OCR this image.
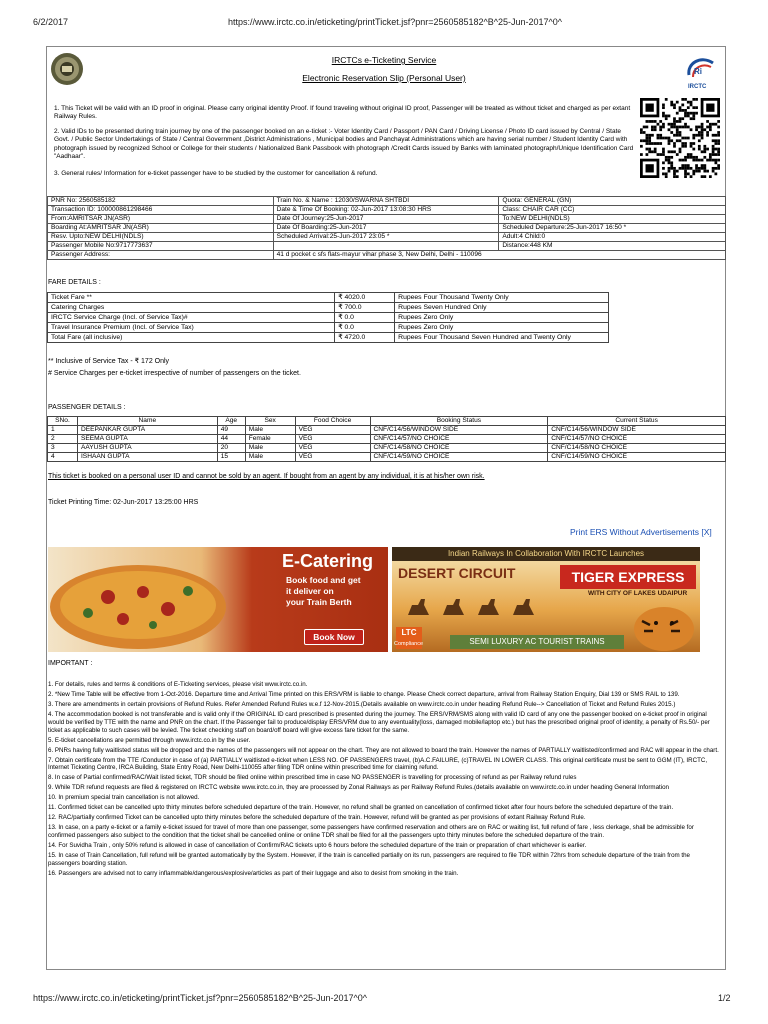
6/2/2017	https://www.irctc.co.in/eticketing/printTicket.jsf?pnr=2560585182^B^25-Jun-2017^0^
IRCTCs e-Ticketing Service
Electronic Reservation Slip (Personal User)
Ri
IRCTC
1. This Ticket will be valid with an ID proof in original. Please carry original identity Proof. If found traveling without original ID proof, Passenger will be treated as without ticket and charged as per extant Railway Rules.
2. Valid IDs to be presented during train journey by one of the passenger booked on an e-ticket :- Voter Identity Card / Passport / PAN Card / Driving License / Photo ID card issued by Central / State Govt. / Public Sector Undertakings of State / Central Government ,District Administrations , Municipal bodies and Panchayat Administrations which are having serial number / Student Identity Card with photograph issued by recognized School or College for their students / Nationalized Bank Passbook with photograph /Credit Cards issued by Banks with laminated photograph/Unique Identification Card "Aadhaar".
3. General rules/ Information for e-ticket passenger have to be studied by the customer for cancellation & refund.
PNR No: 2560585182	Train No. & Name : 12030/SWARNA SHTBDI	Quota: GENERAL (GN)
Transaction ID: 100000861298466	Date & Time Of Booking: 02-Jun-2017 13:08:30 HRS	Class: CHAIR CAR (CC)
From:AMRITSAR JN(ASR)	Date Of Journey:25-Jun-2017	To:NEW DELHI(NDLS)
Boarding At:AMRITSAR JN(ASR)	Date Of Boarding:25-Jun-2017	Scheduled Departure:25-Jun-2017 16:50 *
Resv. Upto:NEW DELHI(NDLS)	Scheduled Arrival:25-Jun-2017 23:05 *	Adult:4 Child:0
Passenger Mobile No:9717773637		Distance:448 KM
Passenger Address:	41 d pocket c sfs flats-mayur vihar phase 3, New Delhi, Delhi - 110096	
FARE DETAILS :
Ticket Fare **	₹ 4020.0	Rupees Four Thousand Twenty Only
Catering Charges	₹ 700.0	Rupees Seven Hundred Only
IRCTC Service Charge (Incl. of Service Tax)#	₹ 0.0	Rupees Zero Only
Travel Insurance Premium (Incl. of Service Tax)	₹ 0.0	Rupees Zero Only
Total Fare (all inclusive)	₹ 4720.0	Rupees Four Thousand Seven Hundred and Twenty Only
** Inclusive of Service Tax - ₹ 172 Only
# Service Charges per e-ticket irrespective of number of passengers on the ticket.
PASSENGER DETAILS :
SNo.	Name	Age	Sex	Food Choice	Booking Status	Current Status
1	DEEPANKAR GUPTA	49	Male	VEG	CNF/C14/56/WINDOW SIDE	CNF/C14/56/WINDOW SIDE
2	SEEMA GUPTA	44	Female	VEG	CNF/C14/57/NO CHOICE	CNF/C14/57/NO CHOICE
3	AAYUSH GUPTA	20	Male	VEG	CNF/C14/58/NO CHOICE	CNF/C14/58/NO CHOICE
4	ISHAAN GUPTA	15	Male	VEG	CNF/C14/59/NO CHOICE	CNF/C14/59/NO CHOICE
This ticket is booked on a personal user ID and cannot be sold by an agent. If bought from an agent by any individual, it is at his/her own risk.
Ticket Printing Time: 02-Jun-2017 13:25:00 HRS
Print ERS Without Advertisements [X]
E-Catering
Book food and get
it deliver on
your Train Berth
Book Now
Indian Railways In Collaboration With IRCTC Launches
DESERT CIRCUIT	TIGER EXPRESS
WITH CITY OF LAKES UDAIPUR
LTC
Compliance	SEMI LUXURY AC TOURIST TRAINS
IMPORTANT :

1. For details, rules and terms & conditions of E-Ticketing services, please visit www.irctc.co.in.

2. *New Time Table will be effective from 1-Oct-2016. Departure time and Arrival Time printed on this ERS/VRM is liable to change. Please Check correct departure, arrival from Railway Station Enquiry, Dial 139 or SMS RAIL to 139.

3. There are amendments in certain provisions of Refund Rules. Refer Amended Refund Rules w.e.f 12-Nov-2015.(Details available on www.irctc.co.in under heading Refund Rule--> Cancellation of Ticket and Refund Rules 2015.)

4. The accommodation booked is not transferable and is valid only if the ORIGINAL ID card prescribed is presented during the journey. The ERS/VRM/SMS along with valid ID card of any one the passenger booked on e-ticket proof in original would be verified by TTE with the name and PNR on the chart. If the Passenger fail to produce/display ERS/VRM due to any eventuality(loss, damaged mobile/laptop etc.) but has the prescribed original proof of identity, a penalty of Rs.50/- per ticket as applicable to such cases will be levied. The ticket checking staff on board/off board will give excess fare ticket for the same.

5. E-ticket cancellations are permitted through www.irctc.co.in by the user.

6. PNRs having fully waitlisted status will be dropped and the names of the passengers will not appear on the chart. They are not allowed to board the train. However the names of PARTIALLY waitlisted/confirmed and RAC will appear in the chart.

7. Obtain certificate from the TTE /Conductor in case of (a) PARTIALLY waitlisted e-ticket when LESS NO. OF PASSENGERS travel, (b)A.C.FAILURE, (c)TRAVEL IN LOWER CLASS. This original certificate must be sent to GGM (IT), IRCTC, Internet Ticketing Centre, IRCA Building, State Entry Road, New Delhi-110055 after filing TDR online within prescribed time for claiming refund.

8. In case of Partial confirmed/RAC/Wait listed ticket, TDR should be filed online within prescribed time in case NO PASSENGER is travelling for processing of refund as per Railway refund rules

9. While TDR refund requests are filed & registered on IRCTC website www.irctc.co.in, they are processed by Zonal Railways as per Railway Refund Rules.(details available on www.irctc.co.in under heading General Information

10. In premium special train cancellation is not allowed.

11. Confirmed ticket can be cancelled upto thirty minutes before scheduled departure of the train. However, no refund shall be granted on cancellation of confirmed ticket after four hours before the scheduled departure of the train.

12. RAC/partially confirmed Ticket can be cancelled upto thirty minutes before the scheduled departure of the train. However, refund will be granted as per provisions of extant Railway Refund Rule.

13. In case, on a party e-ticket or a family e-ticket issued for travel of more than one passenger, some passengers have confirmed reservation and others are on RAC or waiting list, full refund of fare , less clerkage, shall be admissible for confirmed passengers also subject to the condition that the ticket shall be cancelled online or online TDR shall be filed for all the passengers upto thirty minutes before the scheduled departure of the train.

14. For Suvidha Train , only 50% refund is allowed in case of cancellation of Confirm/RAC tickets upto 6 hours before the scheduled departure of the train or preparation of chart whichever is earlier.

15. In case of Train Cancellation, full refund will be granted automatically by the System. However, if the train is cancelled partially on its run, passengers are required to file TDR within 72hrs from schedule departure of the train from the passengers boarding station.

16. Passengers are advised not to carry inflammable/dangerous/explosive/articles as part of their luggage and also to desist from smoking in the train.

https://www.irctc.co.in/eticketing/printTicket.jsf?pnr=2560585182^B^25-Jun-2017^0^	1/2
